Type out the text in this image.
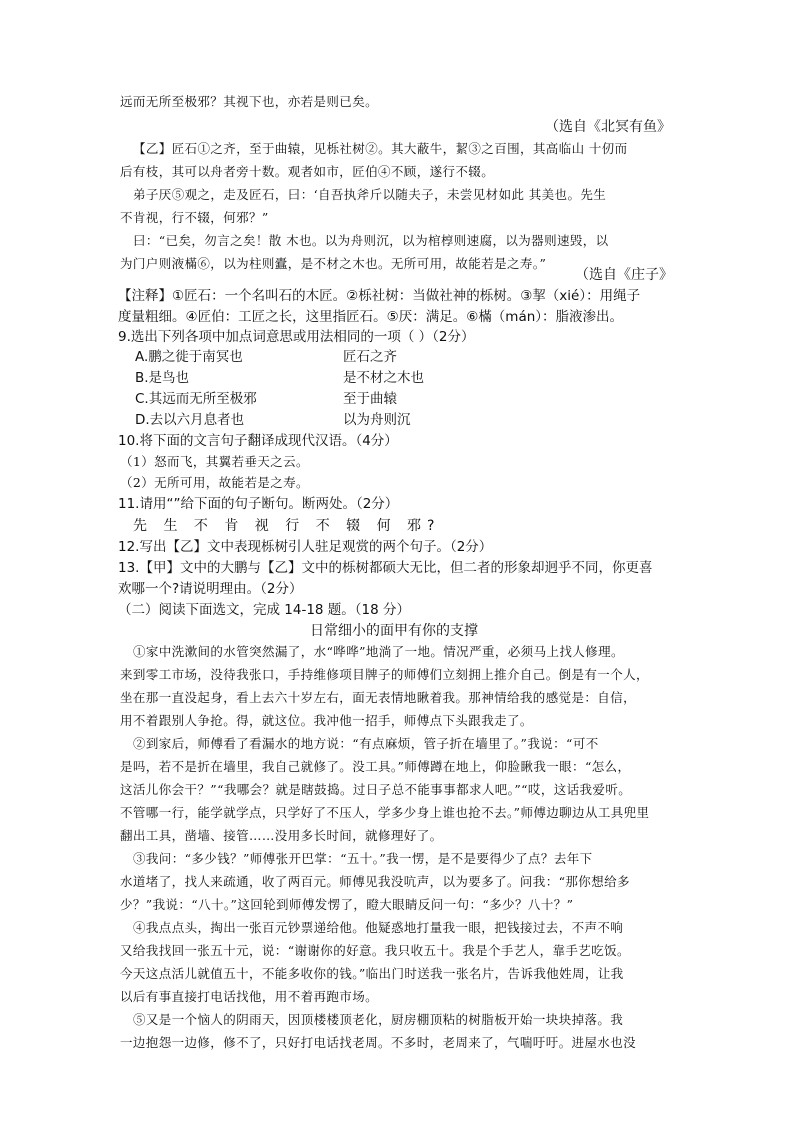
远而无所至极邪？其视下也，亦若是则已矣。
（选自《北冥有鱼》
【乙】匠石①之齐，至于曲辕，见栎社树②。其大蔽牛，絜③之百围，其高临山 十仞而
后有枝，其可以舟者旁十数。观者如市，匠伯④不顾，遂行不辍。
弟子厌⑤观之，走及匠石，曰：‘自吾执斧斤以随夫子，未尝见材如此 其美也。先生
不肯视，行不辍，何邪？”
曰：“已矣，勿言之矣！散 木也。以为舟则沉，以为棺椁则速腐，以为器则速毁，以
为门户则液樠⑥，以为柱则蠹，是不材之木也。无所可用，故能若是之寿。”
（选自《庄子》
【注释】①匠石：一个名叫石的木匠。②栎社树：当做社神的栎树。③挈（xié）：用绳子
度量粗细。④匠伯：工匠之长，这里指匠石。⑤厌：满足。⑥樠（mán）：脂液渗出。
9.选出下列各项中加点词意思或用法相同的一项（ ）（2分）
A.鹏之徙于南冥也	匠石之齐
B.是鸟也	是不材之木也
C.其远而无所至极邪	至于曲辕
D.去以六月息者也	以为舟则沉
10.将下面的文言句子翻译成现代汉语。（4分）
（1）怒而飞，其翼若垂天之云。
（2）无所可用，故能若是之寿。
11.请用“”给下面的句子断句。断两处。（2分）
先 生 不 肯 视 行 不 辍 何 邪?
12.写出【乙】文中表现栎树引人驻足观赏的两个句子。（2分）
13.【甲】文中的大鹏与【乙】文中的栎树都硕大无比，但二者的形象却迥乎不同，你更喜
欢哪一个?请说明理由。（2分）
（二）阅读下面选文，完成 14-18 题。（18 分）
日常细小的面甲有你的支撑
①家中洗漱间的水管突然漏了，水“哗哗”地淌了一地。情况严重，必须马上找人修理。
来到零工市场，没待我张口，手持维修项目牌子的师傅们立刻拥上推介自己。倒是有一个人，
坐在那一直没起身，看上去六十岁左右，面无表情地瞅着我。那神情给我的感觉是：自信，
用不着跟别人争抢。得，就这位。我冲他一招手，师傅点下头跟我走了。
②到家后，师傅看了看漏水的地方说：“有点麻烦，管子折在墙里了。”我说：“可不
是吗，若不是折在墙里，我自己就修了。没工具。”师傅蹲在地上，仰脸瞅我一眼：“怎么，
这活儿你会干？”“我哪会？就是瞎鼓捣。过日子总不能事事都求人吧。”“哎，这话我爱听。
不管哪一行，能学就学点，只学好了不压人，学多少身上谁也抢不去。”师傅边聊边从工具兜里
翻出工具，凿墙、接管……没用多长时间，就修理好了。
③我问：“多少钱？”师傅张开巴掌：“五十。”我一愣，是不是要得少了点？去年下
水道堵了，找人来疏通，收了两百元。师傅见我没吭声，以为要多了。问我：“那你想给多
少？”我说：“八十。”这回轮到师傅发愣了，瞪大眼睛反问一句：“多少？八十？”
④我点点头，掏出一张百元钞票递给他。他疑惑地打量我一眼，把钱接过去，不声不响
又给我找回一张五十元，说：“谢谢你的好意。我只收五十。我是个手艺人，靠手艺吃饭。
今天这点活儿就值五十，不能多收你的钱。”临出门时送我一张名片，告诉我他姓周，让我
以后有事直接打电话找他，用不着再跑市场。
⑤又是一个恼人的阴雨天，因顶楼楼顶老化，厨房棚顶粘的树脂板开始一块块掉落。我
一边抱怨一边修，修不了，只好打电话找老周。不多时，老周来了，气喘吁吁。进屋水也没
